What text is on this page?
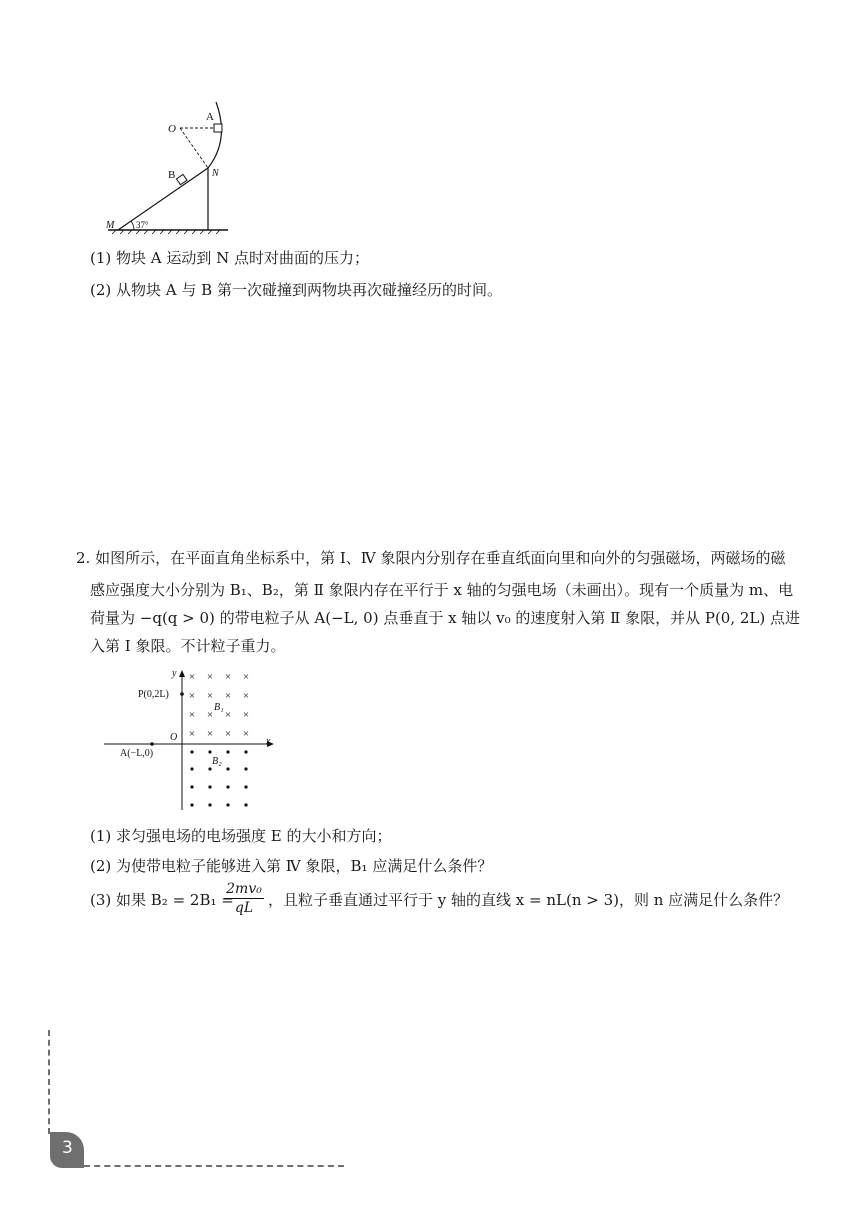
O
A
B	N
M 37°
(1) 物块 A 运动到 N 点时对曲面的压力；
(2) 从物块 A 与 B 第一次碰撞到两物块再次碰撞经历的时间。
2. 如图所示，在平面直角坐标系中，第 Ⅰ、Ⅳ 象限内分别存在垂直纸面向里和向外的匀强磁场，两磁场的磁
感应强度大小分别为 B₁、B₂，第 Ⅱ 象限内存在平行于 x 轴的匀强电场（未画出）。现有一个质量为 m、电
荷量为 −q(q > 0) 的带电粒子从 A(−L, 0) 点垂直于 x 轴以 v₀ 的速度射入第 Ⅱ 象限，并从 P(0, 2L) 点进
入第 Ⅰ 象限。不计粒子重力。
× × × ×
× × × ×
× × × ×
× × × ×
y
x
O
P(0,2L)
A(−L,0)
B₁
B₂
(1) 求匀强电场的电场强度 E 的大小和方向；
(2) 为使带电粒子能够进入第 Ⅳ 象限，B₁ 应满足什么条件？
(3) 如果 B₂ = 2B₁ =
$\frac{\text{2mv₀}}{qL}$ ，且粒子垂直通过平行于 y 轴的直线 x = nL(n > 3)，则 n 应满足什么条件？
3
